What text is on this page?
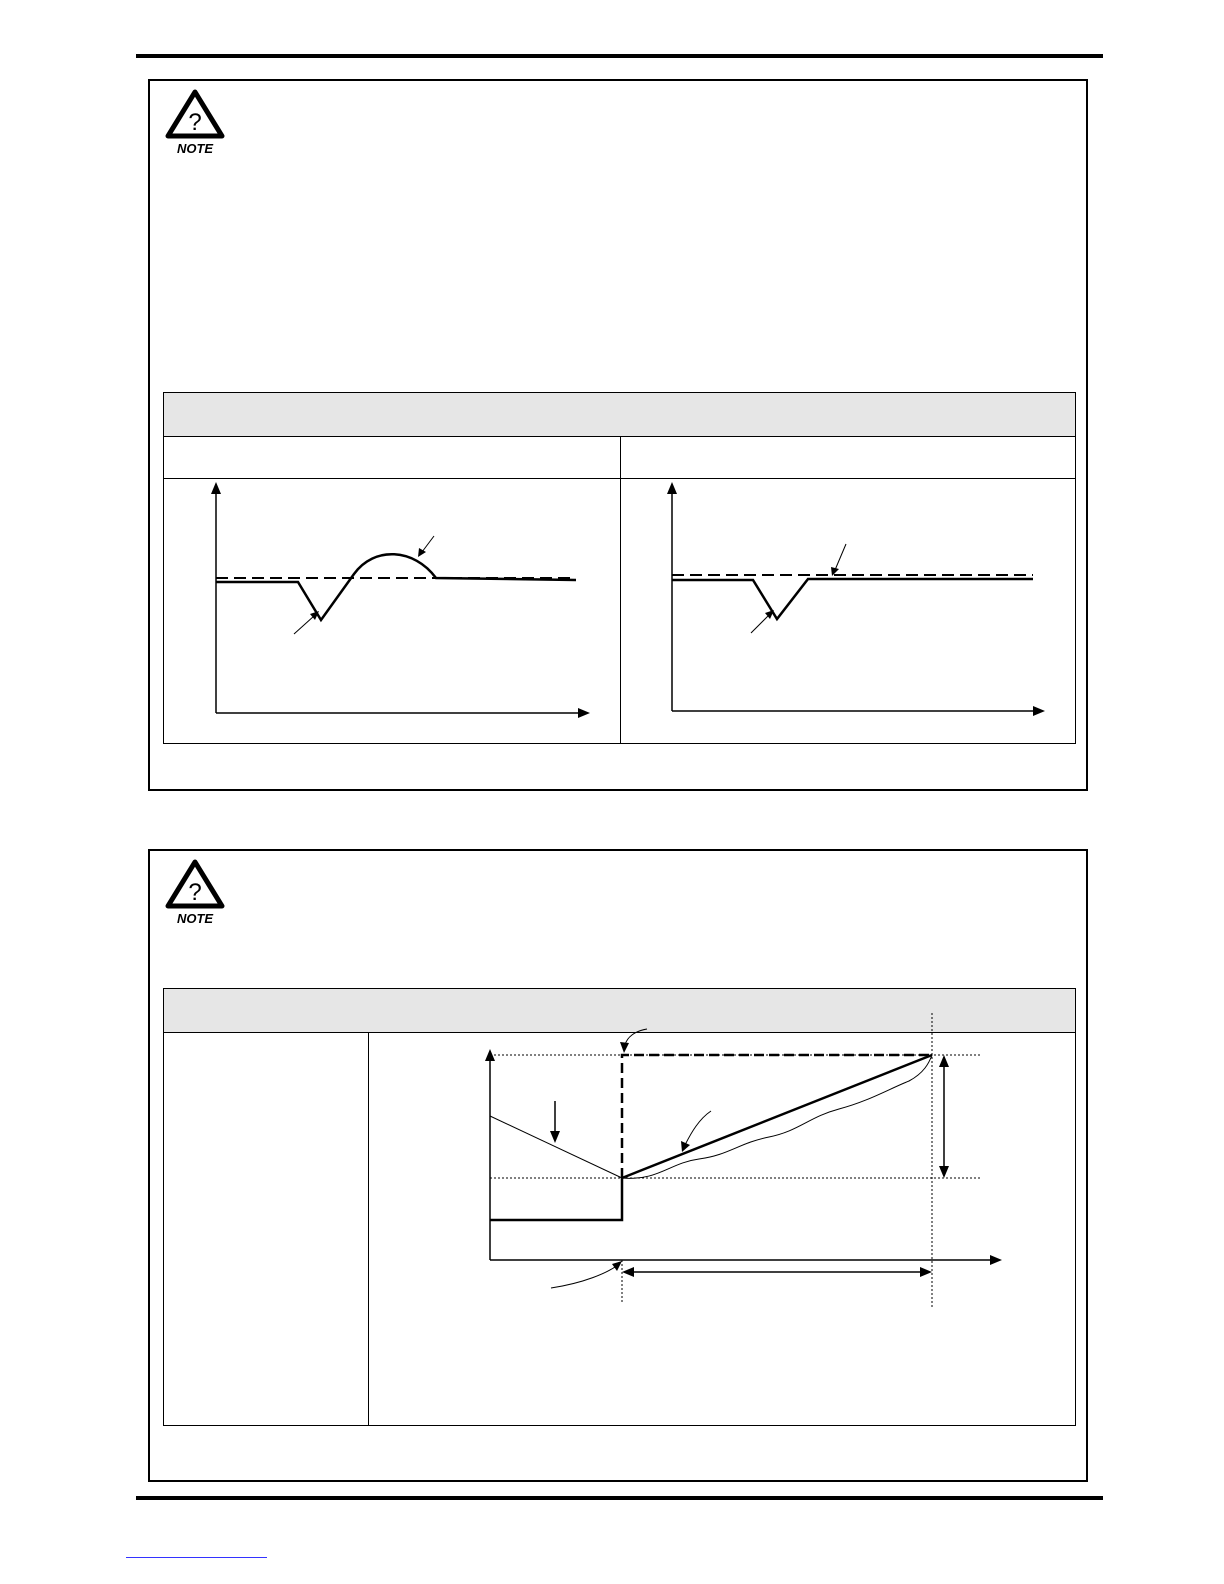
?
NOTE
?
NOTE
